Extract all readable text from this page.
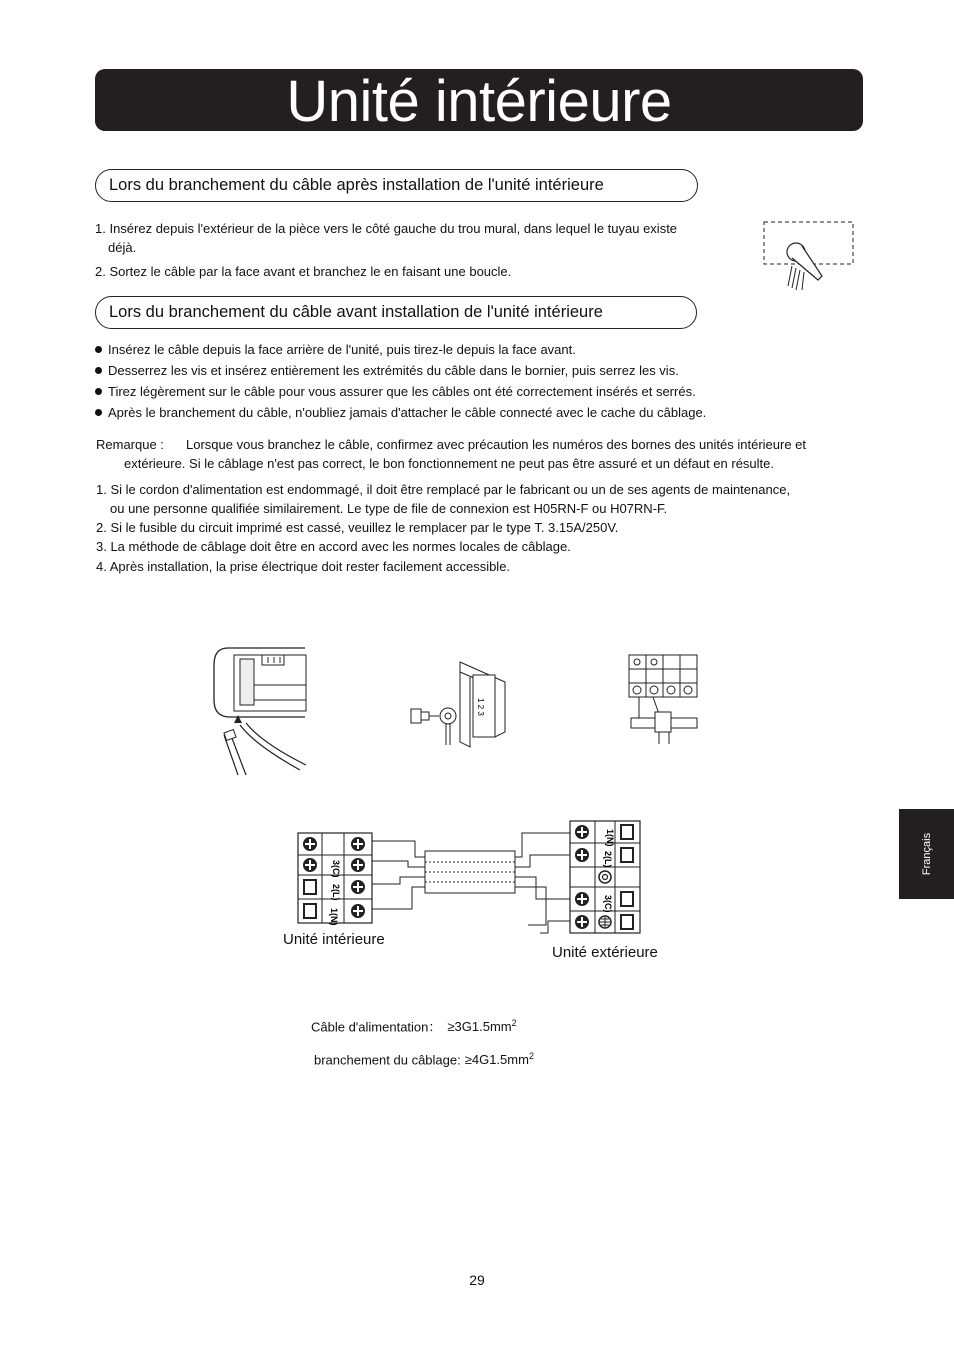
Unité intérieure
Lors du branchement du câble après installation de l'unité intérieure
1. Insérez depuis l'extérieur de la pièce vers le côté gauche du trou mural, dans lequel le tuyau existe
déjà.
2. Sortez le câble par la face avant et branchez le en faisant une boucle.
Lors du branchement du câble avant installation de l'unité intérieure
Insérez le câble depuis la face arrière de l'unité, puis tirez-le depuis la face avant.
Desserrez les vis et insérez entièrement les extrémités du câble dans le bornier, puis serrez les vis.
Tirez légèrement sur le câble pour vous assurer que les câbles ont été correctement insérés et serrés.
Après le branchement du câble, n'oubliez jamais d'attacher le câble connecté avec le cache du câblage.
Remarque : Lorsque vous branchez le câble, confirmez avec précaution les numéros des bornes des unités intérieure et
extérieure. Si le câblage n'est pas correct, le bon fonctionnement ne peut pas être assuré et un défaut en résulte.
1. Si le cordon d'alimentation est endommagé, il doit être remplacé par le fabricant ou un de ses agents de maintenance,
ou une personne qualifiée similairement. Le type de file de connexion est H05RN-F ou H07RN-F.
2. Si le fusible du circuit imprimé est cassé, veuillez le remplacer par le type T. 3.15A/250V.
3. La méthode de câblage doit être en accord avec les normes locales de câblage.
4. Après installation, la prise électrique doit rester facilement accessible.
1 2 3
1(N)
2(L)
3(C)
1(N)
2(L)
3(C)
Unité intérieure
Unité extérieure
Câble d'alimentation： $\ge 3G1.5mm^2$
branchement du câblage: $\ge 4G1.5mm^2$
29
Français
